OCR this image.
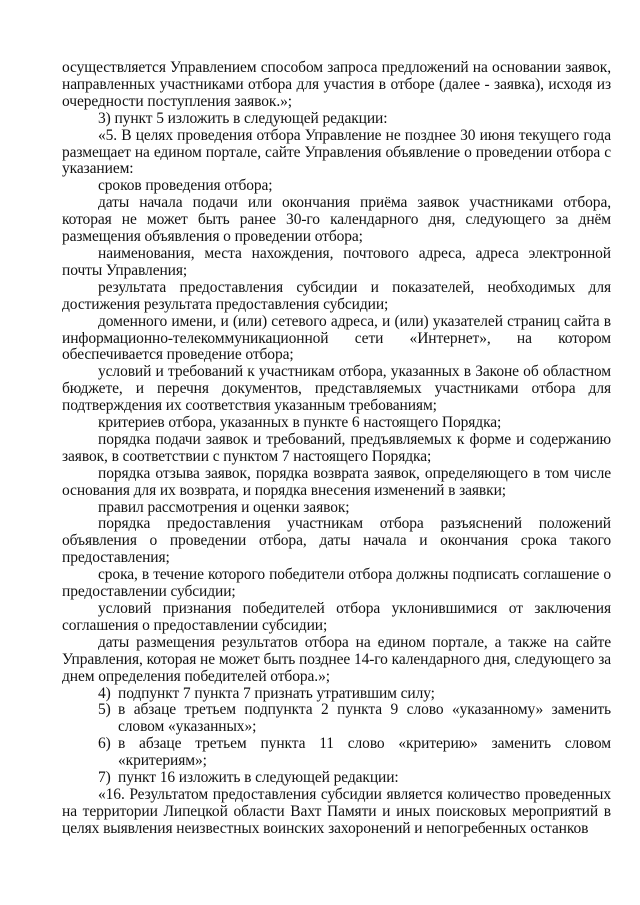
осуществляется Управлением способом запроса предложений на основании заявок, направленных участниками отбора для участия в отборе (далее - заявка), исходя из очередности поступления заявок.»;

3) пункт 5 изложить в следующей редакции:

«5. В целях проведения отбора Управление не позднее 30 июня текущего года размещает на едином портале, сайте Управления объявление о проведении отбора с указанием:

сроков проведения отбора;

даты начала подачи или окончания приёма заявок участниками отбора, которая не может быть ранее 30-го календарного дня, следующего за днём размещения объявления о проведении отбора;

наименования, места нахождения, почтового адреса, адреса электронной почты Управления;

результата предоставления субсидии и показателей, необходимых для достижения результата предоставления субсидии;

доменного имени, и (или) сетевого адреса, и (или) указателей страниц сайта в информационно-телекоммуникационной сети «Интернет», на котором обеспечивается проведение отбора;

условий и требований к участникам отбора, указанных в Законе об областном бюджете, и перечня документов, представляемых участниками отбора для подтверждения их соответствия указанным требованиям;

критериев отбора, указанных в пункте 6 настоящего Порядка;

порядка подачи заявок и требований, предъявляемых к форме и содержанию заявок, в соответствии с пунктом 7 настоящего Порядка;

порядка отзыва заявок, порядка возврата заявок, определяющего в том числе основания для их возврата, и порядка внесения изменений в заявки;

правил рассмотрения и оценки заявок;

порядка предоставления участникам отбора разъяснений положений объявления о проведении отбора, даты начала и окончания срока такого предоставления;

срока, в течение которого победители отбора должны подписать соглашение о предоставлении субсидии;

условий признания победителей отбора уклонившимися от заключения соглашения о предоставлении субсидии;

даты размещения результатов отбора на едином портале, а также на сайте Управления, которая не может быть позднее 14-го календарного дня, следующего за днем определения победителей отбора.»;

4) подпункт 7 пункта 7 признать утратившим силу;
5) в абзаце третьем подпункта 2 пункта 9 слово «указанному» заменить словом «указанных»;
6) в абзаце третьем пункта 11 слово «критерию» заменить словом «критериям»;
7) пункт 16 изложить в следующей редакции:

«16. Результатом предоставления субсидии является количество проведенных на территории Липецкой области Вахт Памяти и иных поисковых мероприятий в целях выявления неизвестных воинских захоронений и непогребенных останков
